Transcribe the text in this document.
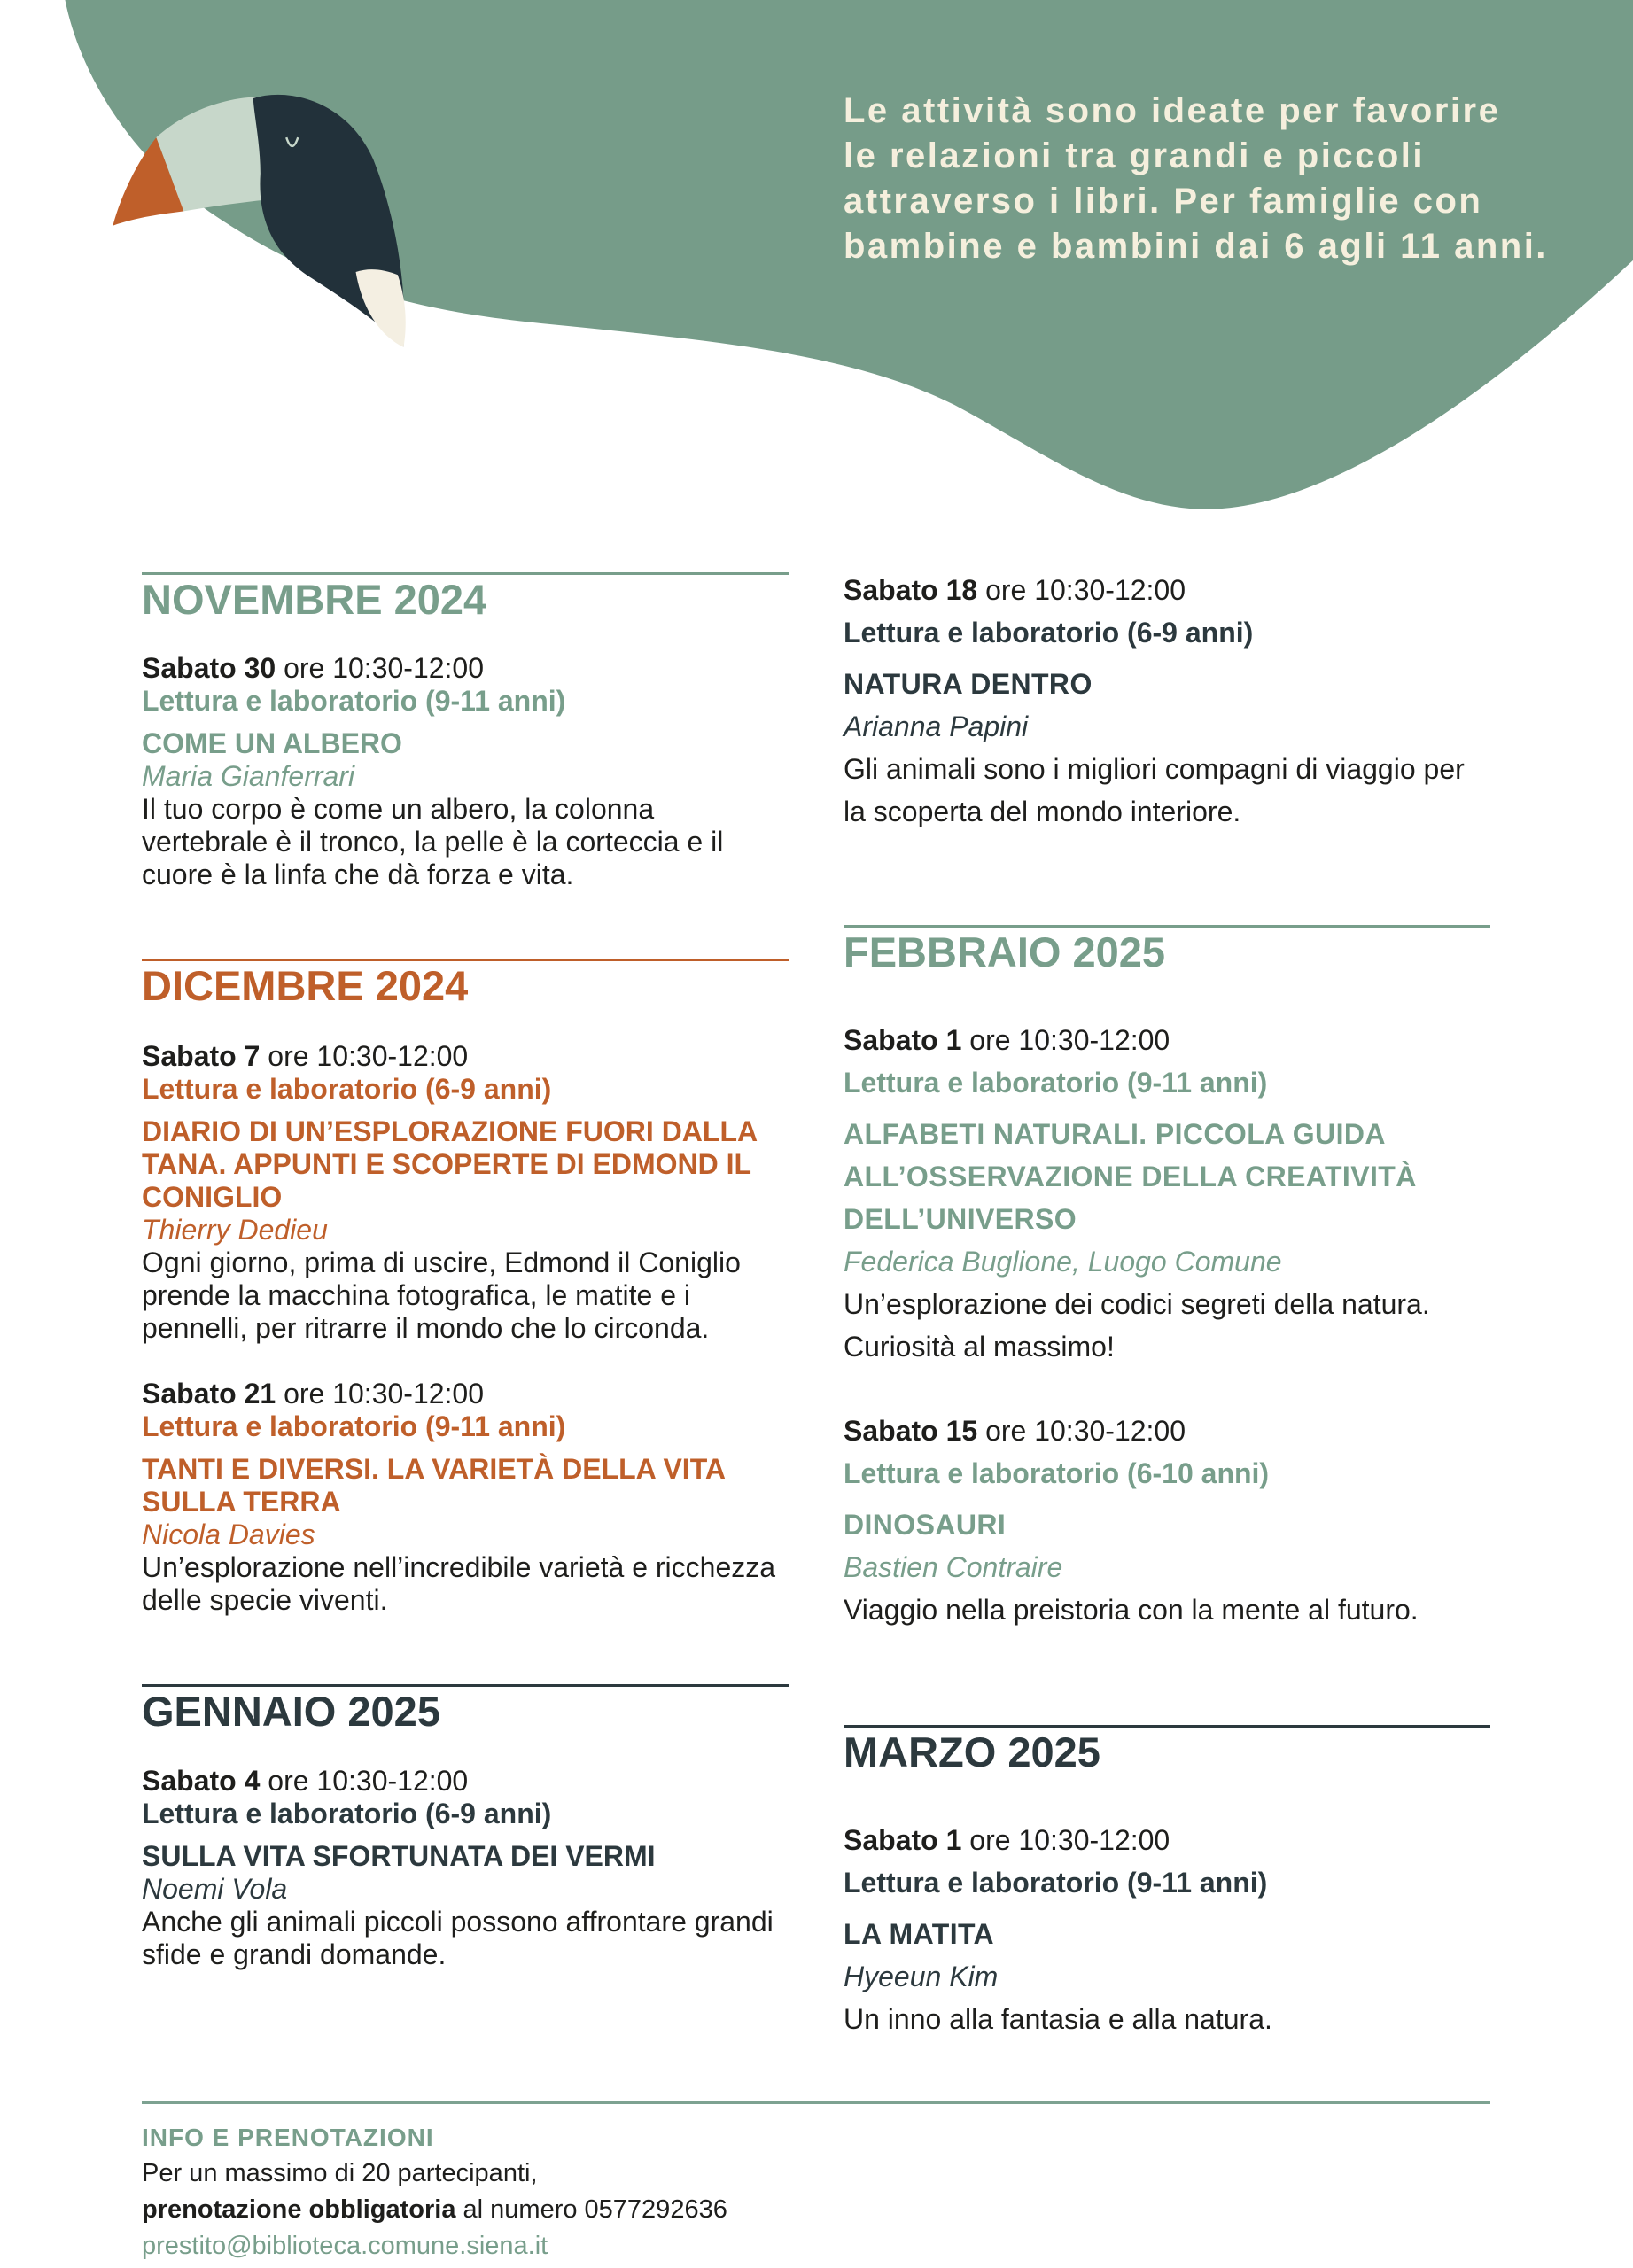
Le attività sono ideate per favorire
le relazioni tra grandi e piccoli
attraverso i libri. Per famiglie con
bambine e bambini dai 6 agli 11 anni.
NOVEMBRE 2024
Sabato 30 ore 10:30-12:00
Lettura e laboratorio (9-11 anni)
COME UN ALBERO
Maria Gianferrari
Il tuo corpo è come un albero, la colonna
vertebrale è il tronco, la pelle è la corteccia e il
cuore è la linfa che dà forza e vita.
DICEMBRE 2024
Sabato 7 ore 10:30-12:00
Lettura e laboratorio (6-9 anni)
DIARIO DI UN’ESPLORAZIONE FUORI DALLA
TANA. APPUNTI E SCOPERTE DI EDMOND IL
CONIGLIO
Thierry Dedieu
Ogni giorno, prima di uscire, Edmond il Coniglio
prende la macchina fotografica, le matite e i
pennelli, per ritrarre il mondo che lo circonda.
Sabato 21 ore 10:30-12:00
Lettura e laboratorio (9-11 anni)
TANTI E DIVERSI. LA VARIETÀ DELLA VITA
SULLA TERRA
Nicola Davies
Un’esplorazione nell’incredibile varietà e ricchezza
delle specie viventi.
GENNAIO 2025
Sabato 4 ore 10:30-12:00
Lettura e laboratorio (6-9 anni)
SULLA VITA SFORTUNATA DEI VERMI
Noemi Vola
Anche gli animali piccoli possono affrontare grandi
sfide e grandi domande.
Sabato 18 ore 10:30-12:00
Lettura e laboratorio (6-9 anni)
NATURA DENTRO
Arianna Papini
Gli animali sono i migliori compagni di viaggio per
la scoperta del mondo interiore.
FEBBRAIO 2025
Sabato 1 ore 10:30-12:00
Lettura e laboratorio (9-11 anni)
ALFABETI NATURALI. PICCOLA GUIDA
ALL’OSSERVAZIONE DELLA CREATIVITÀ
DELL’UNIVERSO
Federica Buglione, Luogo Comune
Un’esplorazione dei codici segreti della natura.
Curiosità al massimo!
Sabato 15 ore 10:30-12:00
Lettura e laboratorio (6-10 anni)
DINOSAURI
Bastien Contraire
Viaggio nella preistoria con la mente al futuro.
MARZO 2025
Sabato 1 ore 10:30-12:00
Lettura e laboratorio (9-11 anni)
LA MATITA
Hyeeun Kim
Un inno alla fantasia e alla natura.
INFO E PRENOTAZIONI
Per un massimo di 20 partecipanti,
prenotazione obbligatoria al numero 0577292636
prestito@biblioteca.comune.siena.it
